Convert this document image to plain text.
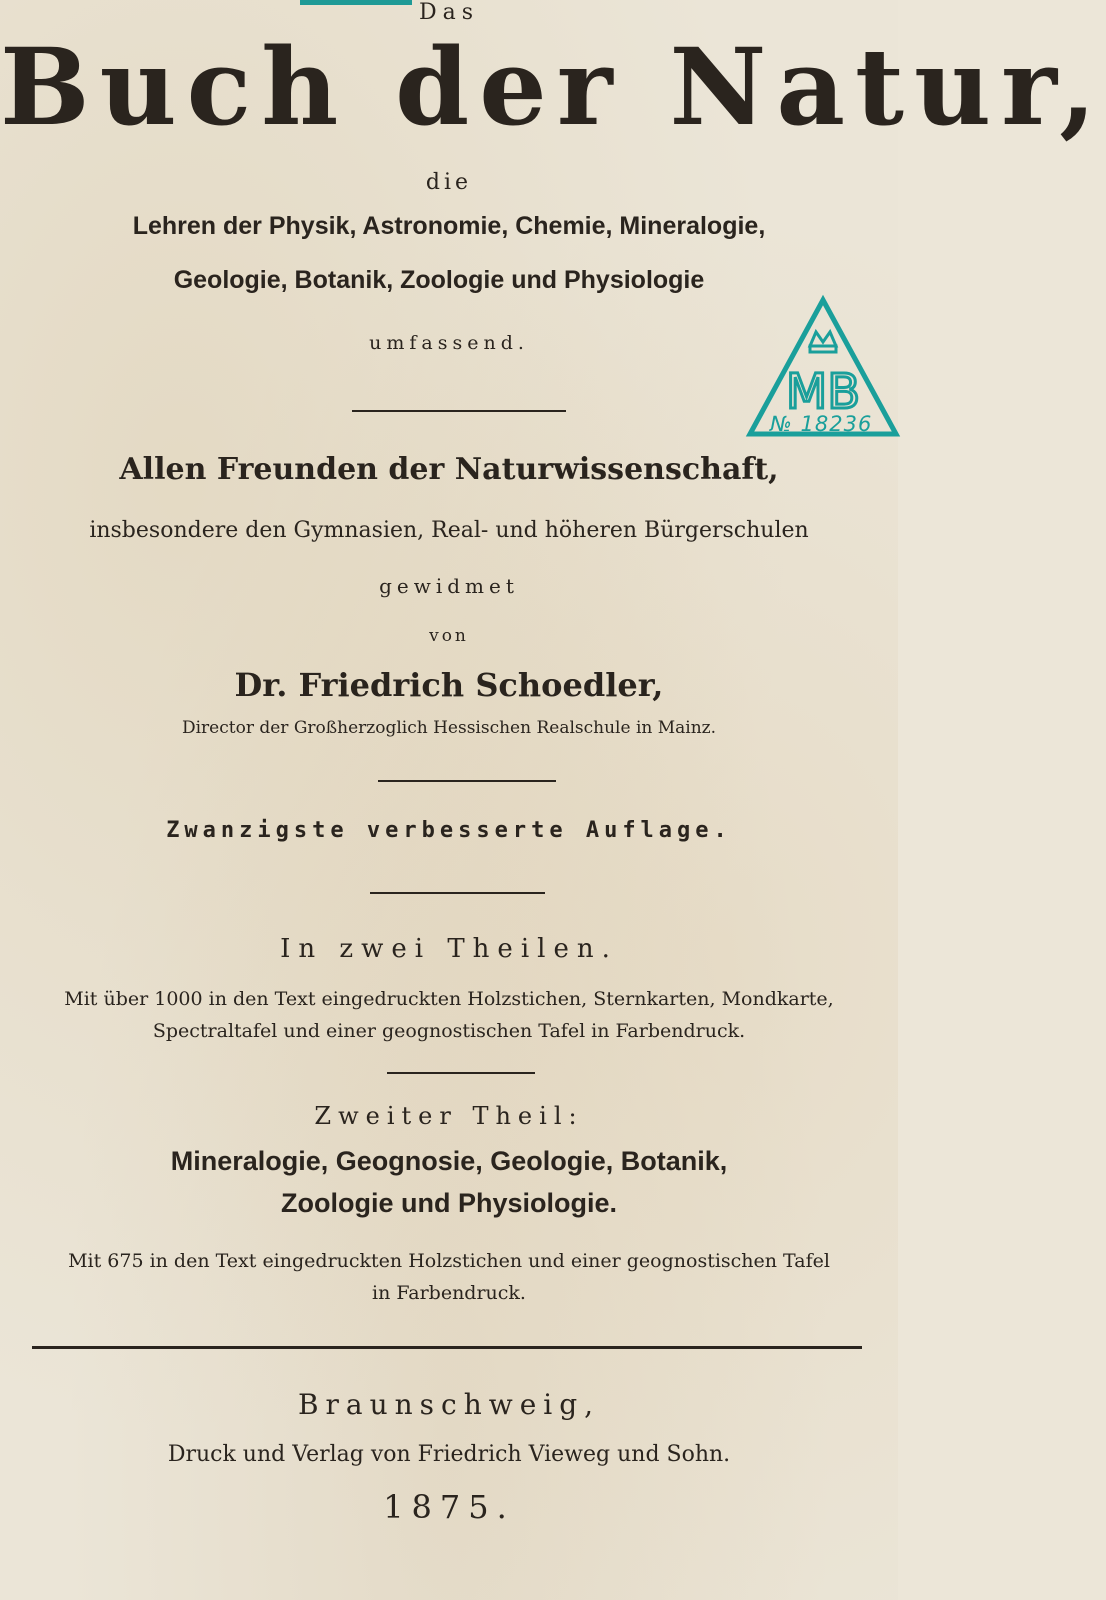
Das
Buch der Natur,
die
Lehren der Physik, Astronomie, Chemie, Mineralogie,
Geologie, Botanik, Zoologie und Physiologie
umfassend.
Allen Freunden der Naturwissenschaft,
insbesondere den Gymnasien, Real- und höheren Bürgerschulen
gewidmet
von
Dr. Friedrich Schoedler,
Director der Großherzoglich Hessischen Realschule in Mainz.
Zwanzigste verbesserte Auflage.
In zwei Theilen.
Mit über 1000 in den Text eingedruckten Holzstichen, Sternkarten, Mondkarte,
Spectraltafel und einer geognostischen Tafel in Farbendruck.
Zweiter Theil:
Mineralogie, Geognosie, Geologie, Botanik,
Zoologie und Physiologie.
Mit 675 in den Text eingedruckten Holzstichen und einer geognostischen Tafel
in Farbendruck.
Braunschweig,
Druck und Verlag von Friedrich Vieweg und Sohn.
1875.
MB
№ 18236
